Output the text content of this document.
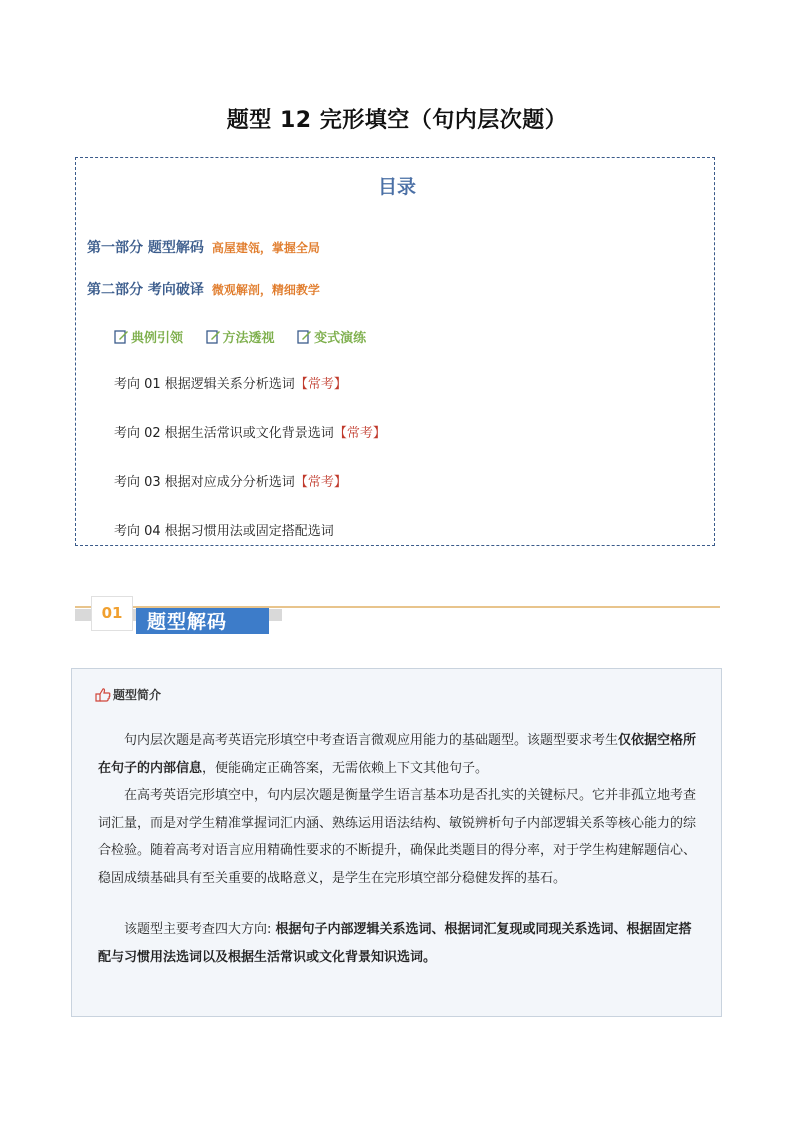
题型 12 完形填空（句内层次题）
目录
第一部分 题型解码 高屋建瓴，掌握全局
第二部分 考向破译 微观解剖，精细教学
典例引领
	方法透视
	变式演练
考向 01 根据逻辑关系分析选词【常考】
考向 02 根据生活常识或文化背景选词【常考】
考向 03 根据对应成分分析选词【常考】
考向 04 根据习惯用法或固定搭配选词
题型解码
01
题型简介

句内层次题是高考英语完形填空中考查语言微观应用能力的基础题型。该题型要求考生仅依据空格所在句子的内部信息，便能确定正确答案，无需依赖上下文其他句子。

在高考英语完形填空中，句内层次题是衡量学生语言基本功是否扎实的关键标尺。它并非孤立地考查词汇量，而是对学生精准掌握词汇内涵、熟练运用语法结构、敏锐辨析句子内部逻辑关系等核心能力的综合检验。随着高考对语言应用精确性要求的不断提升，确保此类题目的得分率，对于学生构建解题信心、稳固成绩基础具有至关重要的战略意义，是学生在完形填空部分稳健发挥的基石。

该题型主要考查四大方向: 根据句子内部逻辑关系选词、根据词汇复现或同现关系选词、根据固定搭配与习惯用法选词以及根据生活常识或文化背景知识选词。
